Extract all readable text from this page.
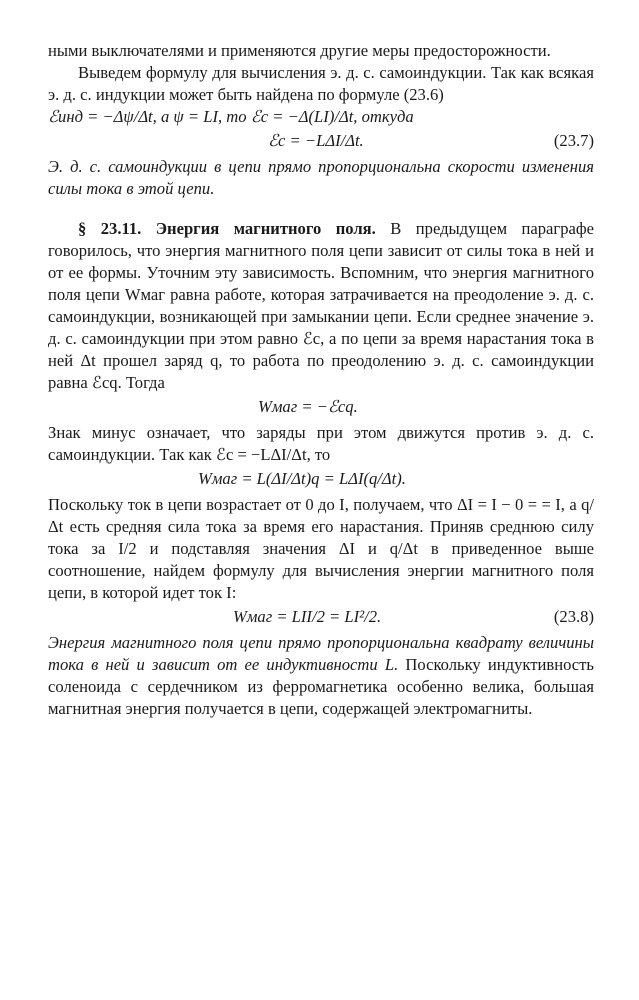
ными выключателями и применяются другие меры предосторожности.

Выведем формулу для вычисления э. д. с. самоиндукции. Так как всякая э. д. с. индукции может быть найдена по формуле (23.6)

ℰинд = −Δψ/Δt, а ψ = LI, то ℰс = −Δ(LI)/Δt, откуда

ℰс = −LΔI/Δt.	(23.7)

Э. д. с. самоиндукции в цепи прямо пропорциональна скорости изменения силы тока в этой цепи.

§ 23.11. Энергия магнитного поля. В предыдущем параграфе говорилось, что энергия магнитного поля цепи зависит от силы тока в ней и от ее формы. Уточним эту зависимость. Вспомним, что энергия магнитного поля цепи Wмаг равна работе, которая затрачивается на преодоление э. д. с. самоиндукции, возникающей при замыкании цепи. Если среднее значение э. д. с. самоиндукции при этом равно ℰс, а по цепи за время нарастания тока в ней Δt прошел заряд q, то работа по преодолению э. д. с. самоиндукции равна ℰсq. Тогда

Wмаг = −ℰсq.

Знак минус означает, что заряды при этом движутся против э. д. с. самоиндукции. Так как ℰс = −LΔI/Δt, то

Wмаг = L(ΔI/Δt)q = LΔI(q/Δt).

Поскольку ток в цепи возрастает от 0 до I, получаем, что ΔI = I − 0 = = I, а q/Δt есть средняя сила тока за время его нарастания. Приняв среднюю силу тока за I/2 и подставляя значения ΔI и q/Δt в приведенное выше соотношение, найдем формулу для вычисления энергии магнитного поля цепи, в которой идет ток I:

Wмаг = LII/2 = LI²/2.	(23.8)

Энергия магнитного поля цепи прямо пропорциональна квадрату величины тока в ней и зависит от ее индуктивности L. Поскольку индуктивность соленоида с сердечником из ферромагнетика особенно велика, большая магнитная энергия получается в цепи, содержащей электромагниты.
